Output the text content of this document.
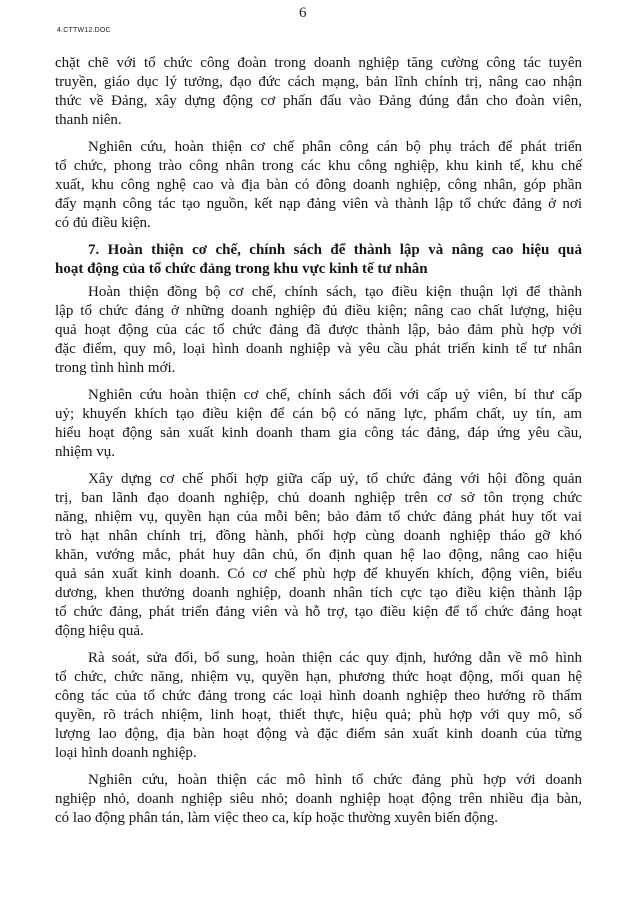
4.CTTW12.DOC
6
chặt chẽ với tổ chức công đoàn trong doanh nghiệp tăng cường công tác tuyên
truyền, giáo dục lý tưởng, đạo đức cách mạng, bản lĩnh chính trị, nâng cao nhận
thức về Đảng, xây dựng động cơ phấn đấu vào Đảng đúng đắn cho đoàn viên,
thanh niên.
Nghiên cứu, hoàn thiện cơ chế phân công cán bộ phụ trách để phát triển
tổ chức, phong trào công nhân trong các khu công nghiệp, khu kinh tế, khu chế
xuất, khu công nghệ cao và địa bàn có đông doanh nghiệp, công nhân, góp phần
đẩy mạnh công tác tạo nguồn, kết nạp đảng viên và thành lập tổ chức đảng ở nơi
có đủ điều kiện.
7. Hoàn thiện cơ chế, chính sách để thành lập và nâng cao hiệu quả
hoạt động của tổ chức đảng trong khu vực kinh tế tư nhân
Hoàn thiện đồng bộ cơ chế, chính sách, tạo điều kiện thuận lợi để thành
lập tổ chức đảng ở những doanh nghiệp đủ điều kiện; nâng cao chất lượng, hiệu
quả hoạt động của các tổ chức đảng đã được thành lập, bảo đảm phù hợp với
đặc điểm, quy mô, loại hình doanh nghiệp và yêu cầu phát triển kinh tế tư nhân
trong tình hình mới.
Nghiên cứu hoàn thiện cơ chế, chính sách đối với cấp uỷ viên, bí thư cấp
uỷ; khuyến khích tạo điều kiện để cán bộ có năng lực, phẩm chất, uy tín, am
hiểu hoạt động sản xuất kinh doanh tham gia công tác đảng, đáp ứng yêu cầu,
nhiệm vụ.
Xây dựng cơ chế phối hợp giữa cấp uỷ, tổ chức đảng với hội đồng quản
trị, ban lãnh đạo doanh nghiệp, chủ doanh nghiệp trên cơ sở tôn trọng chức
năng, nhiệm vụ, quyền hạn của mỗi bên; bảo đảm tổ chức đảng phát huy tốt vai
trò hạt nhân chính trị, đồng hành, phối hợp cùng doanh nghiệp tháo gỡ khó
khăn, vướng mắc, phát huy dân chủ, ổn định quan hệ lao động, nâng cao hiệu
quả sản xuất kinh doanh. Có cơ chế phù hợp để khuyến khích, động viên, biểu
dương, khen thưởng doanh nghiệp, doanh nhân tích cực tạo điều kiện thành lập
tổ chức đảng, phát triển đảng viên và hỗ trợ, tạo điều kiện để tổ chức đảng hoạt
động hiệu quả.
Rà soát, sửa đổi, bổ sung, hoàn thiện các quy định, hướng dẫn về mô hình
tổ chức, chức năng, nhiệm vụ, quyền hạn, phương thức hoạt động, mối quan hệ
công tác của tổ chức đảng trong các loại hình doanh nghiệp theo hướng rõ thẩm
quyền, rõ trách nhiệm, linh hoạt, thiết thực, hiệu quả; phù hợp với quy mô, số
lượng lao động, địa bàn hoạt động và đặc điểm sản xuất kinh doanh của từng
loại hình doanh nghiệp.
Nghiên cứu, hoàn thiện các mô hình tổ chức đảng phù hợp với doanh
nghiệp nhỏ, doanh nghiệp siêu nhỏ; doanh nghiệp hoạt động trên nhiều địa bàn,
có lao động phân tán, làm việc theo ca, kíp hoặc thường xuyên biến động.
